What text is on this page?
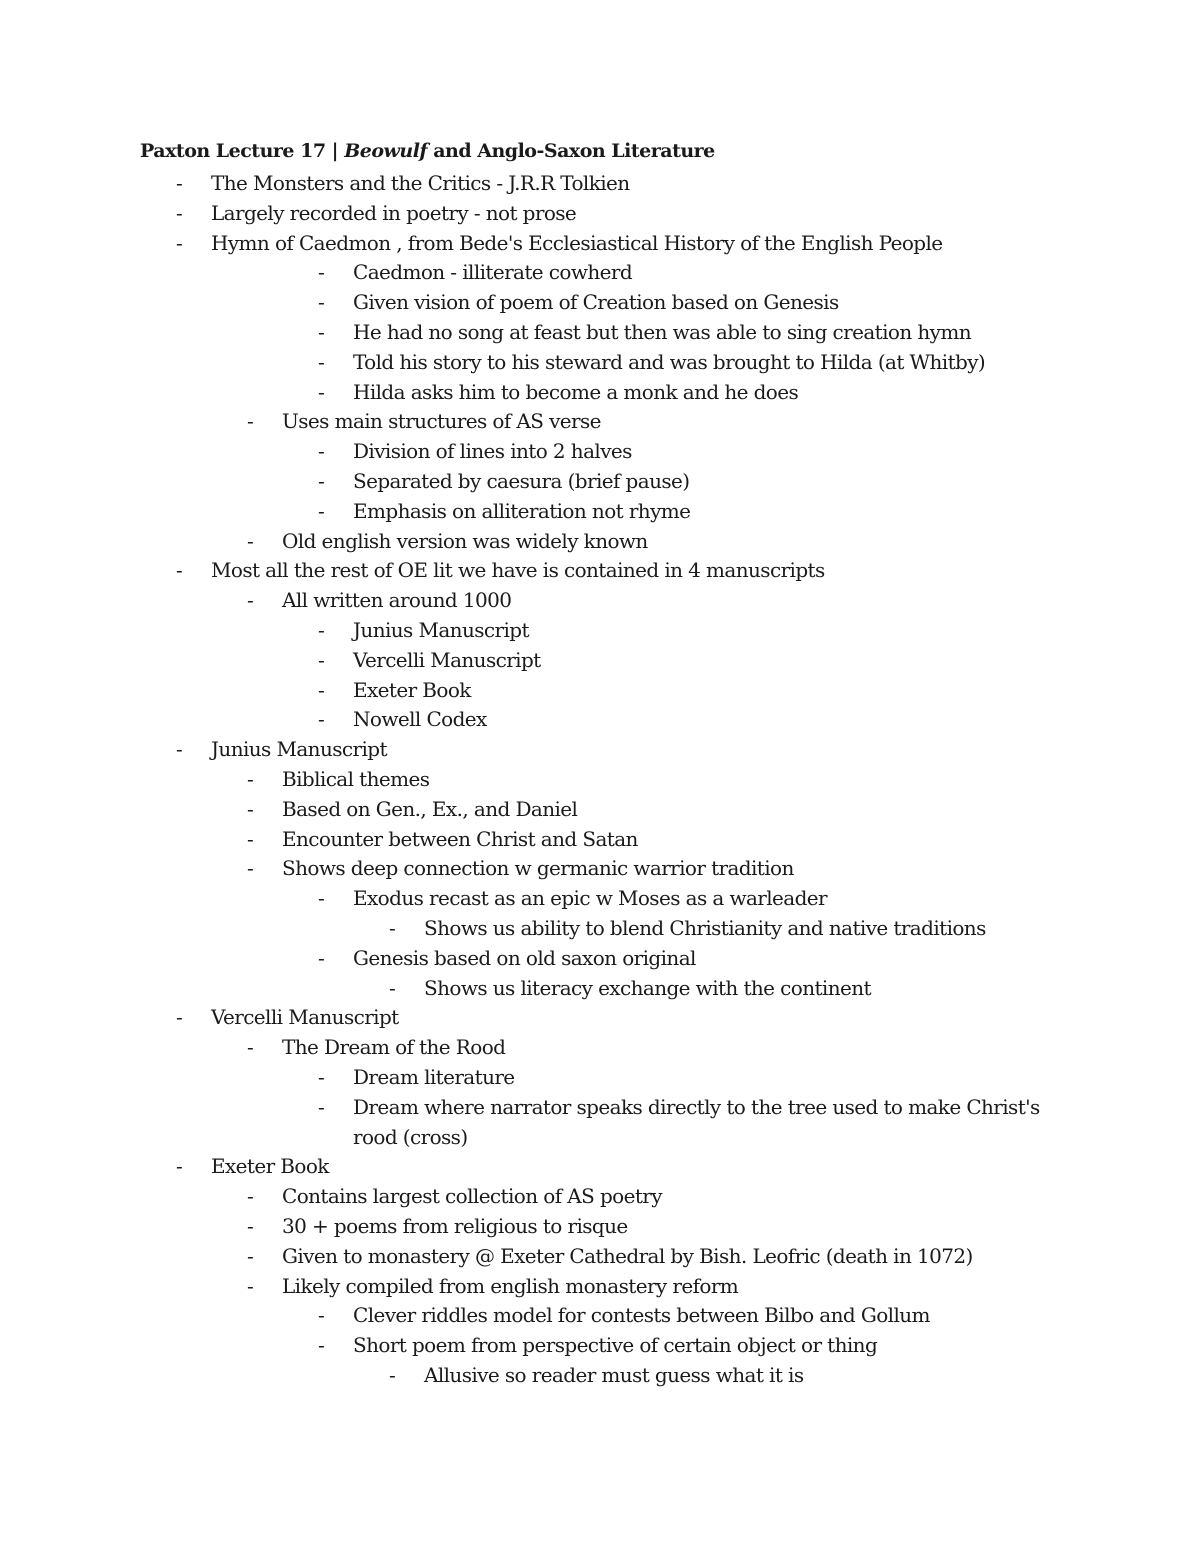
Paxton Lecture 17 | Beowulf and Anglo-Saxon Literature
- The Monsters and the Critics - J.R.R Tolkien
- Largely recorded in poetry - not prose
- Hymn of Caedmon , from Bede's Ecclesiastical History of the English People
- Caedmon - illiterate cowherd
- Given vision of poem of Creation based on Genesis
- He had no song at feast but then was able to sing creation hymn
- Told his story to his steward and was brought to Hilda (at Whitby)
- Hilda asks him to become a monk and he does
- Uses main structures of AS verse
- Division of lines into 2 halves
- Separated by caesura (brief pause)
- Emphasis on alliteration not rhyme
- Old english version was widely known
- Most all the rest of OE lit we have is contained in 4 manuscripts
- All written around 1000
- Junius Manuscript
- Vercelli Manuscript
- Exeter Book
- Nowell Codex
- Junius Manuscript
- Biblical themes
- Based on Gen., Ex., and Daniel
- Encounter between Christ and Satan
- Shows deep connection w germanic warrior tradition
- Exodus recast as an epic w Moses as a warleader
- Shows us ability to blend Christianity and native traditions
- Genesis based on old saxon original
- Shows us literacy exchange with the continent
- Vercelli Manuscript
- The Dream of the Rood
- Dream literature
- Dream where narrator speaks directly to the tree used to make Christ's
rood (cross)
- Exeter Book
- Contains largest collection of AS poetry
- 30 + poems from religious to risque
- Given to monastery @ Exeter Cathedral by Bish. Leofric (death in 1072)
- Likely compiled from english monastery reform
- Clever riddles model for contests between Bilbo and Gollum
- Short poem from perspective of certain object or thing
- Allusive so reader must guess what it is
